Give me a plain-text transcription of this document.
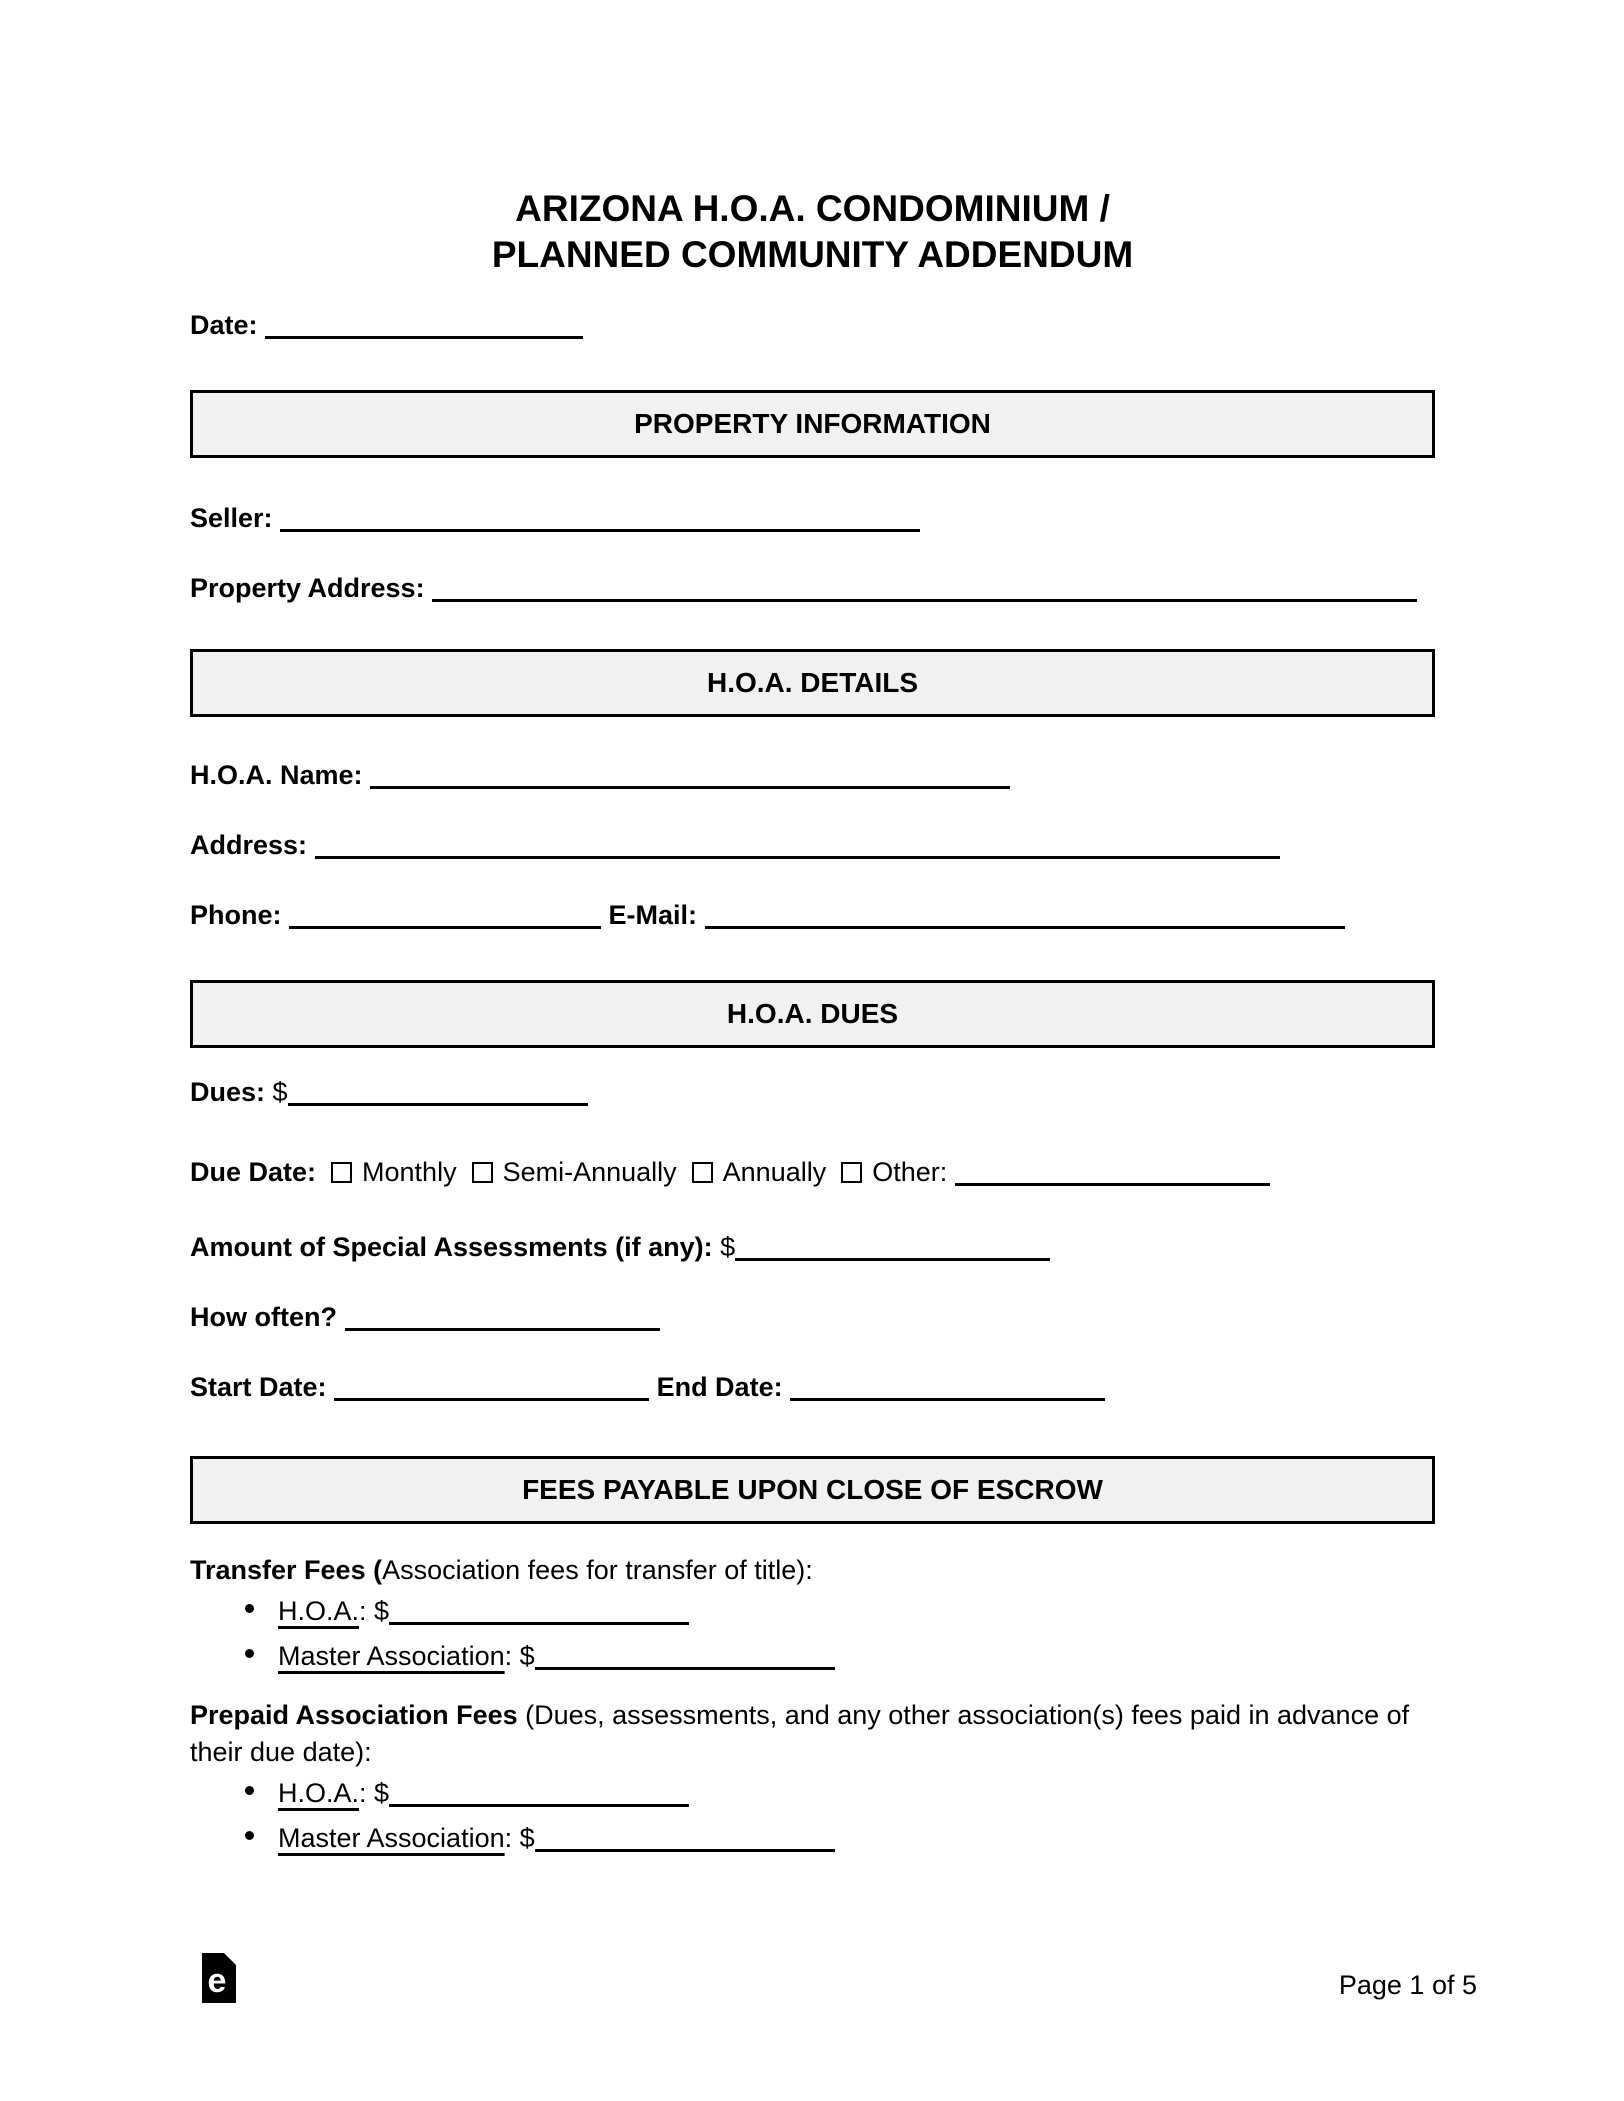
ARIZONA H.O.A. CONDOMINIUM /
PLANNED COMMUNITY ADDENDUM
Date:
PROPERTY INFORMATION
Seller:
Property Address:
H.O.A. DETAILS
H.O.A. Name:
Address:
Phone:	E-Mail:
H.O.A. DUES
Dues: $
Due Date: Monthly Semi-Annually Annually Other:
Amount of Special Assessments (if any): $
How often?
Start Date:	End Date:
FEES PAYABLE UPON CLOSE OF ESCROW
Transfer Fees (Association fees for transfer of title):
H.O.A.: $
Master Association: $
Prepaid Association Fees (Dues, assessments, and any other association(s) fees paid in advance of their due date):
H.O.A.: $
Master Association: $
e	Page 1 of 5
